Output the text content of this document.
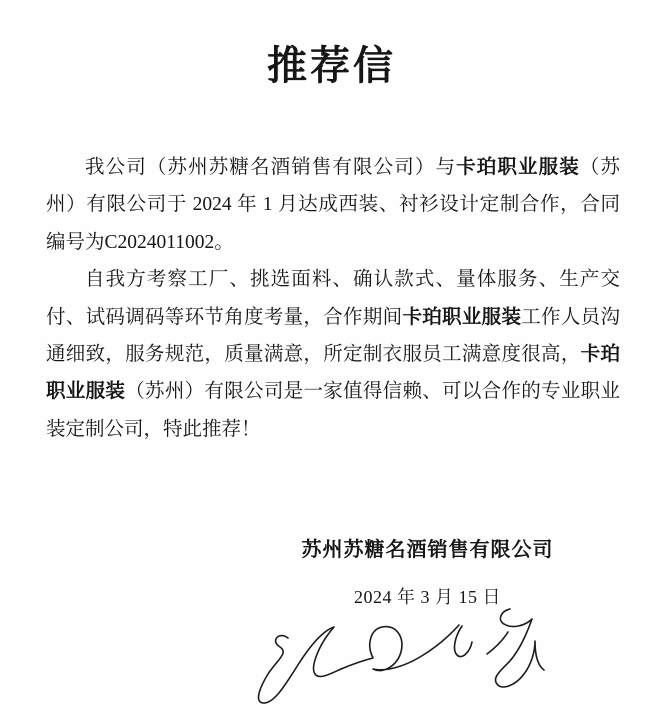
推荐信

我公司（苏州苏糖名酒销售有限公司）与卡珀职业服装（苏州）有限公司于 2024 年 1 月达成西装、衬衫设计定制合作，合同编号为C2024011002。

自我方考察工厂、挑选面料、确认款式、量体服务、生产交付、试码调码等环节角度考量，合作期间卡珀职业服装工作人员沟通细致，服务规范，质量满意，所定制衣服员工满意度很高，卡珀职业服装（苏州）有限公司是一家值得信赖、可以合作的专业职业装定制公司，特此推荐！

苏州苏糖名酒销售有限公司
2024 年 3 月 15 日
